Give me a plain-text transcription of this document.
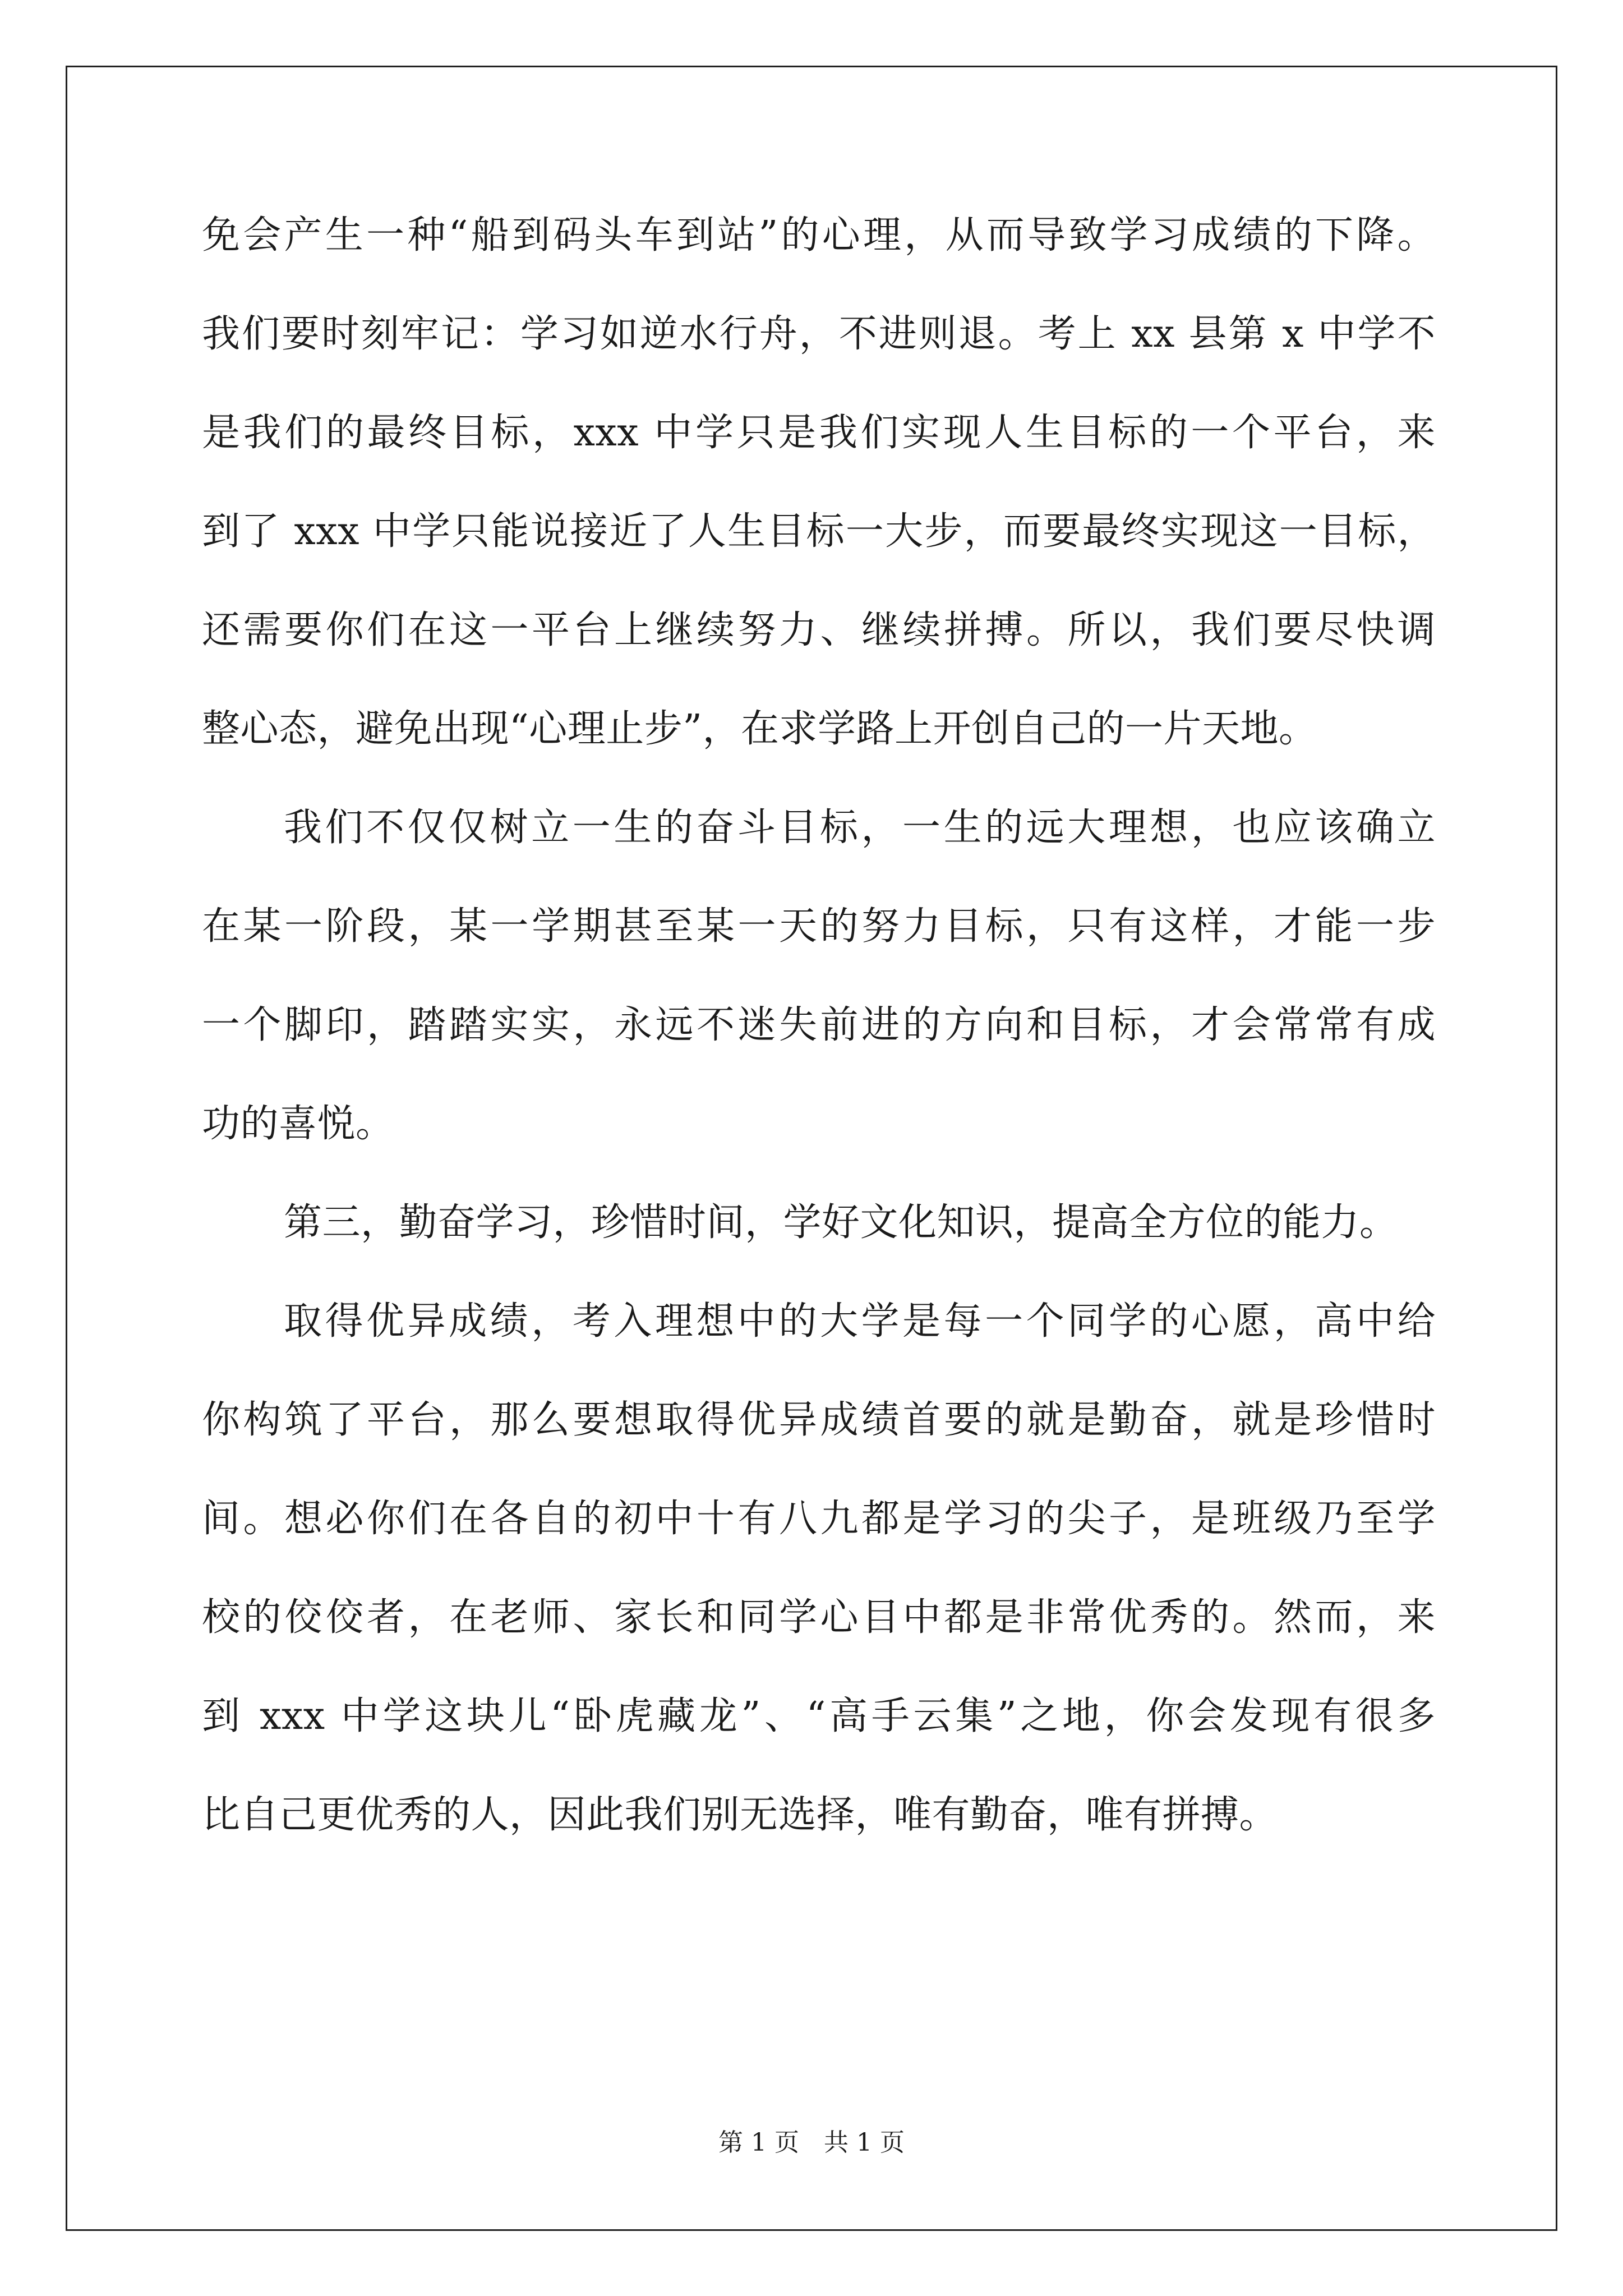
免会产生一种“船到码头车到站”的心理，从而导致学习成绩的下降。
我们要时刻牢记：学习如逆水行舟，不进则退。考上 xx 县第 x 中学不
是我们的最终目标，xxx 中学只是我们实现人生目标的一个平台，来
到了 xxx 中学只能说接近了人生目标一大步，而要最终实现这一目标，
还需要你们在这一平台上继续努力、继续拼搏。所以，我们要尽快调
整心态，避免出现“心理止步”，在求学路上开创自己的一片天地。
我们不仅仅树立一生的奋斗目标，一生的远大理想，也应该确立
在某一阶段，某一学期甚至某一天的努力目标，只有这样，才能一步
一个脚印，踏踏实实，永远不迷失前进的方向和目标，才会常常有成
功的喜悦。
第三，勤奋学习，珍惜时间，学好文化知识，提高全方位的能力。
取得优异成绩，考入理想中的大学是每一个同学的心愿，高中给
你构筑了平台，那么要想取得优异成绩首要的就是勤奋，就是珍惜时
间。想必你们在各自的初中十有八九都是学习的尖子，是班级乃至学
校的佼佼者，在老师、家长和同学心目中都是非常优秀的。然而，来
到 xxx 中学这块儿“卧虎藏龙”、“高手云集”之地，你会发现有很多
比自己更优秀的人，因此我们别无选择，唯有勤奋，唯有拼搏。
第 1 页　共 1 页
